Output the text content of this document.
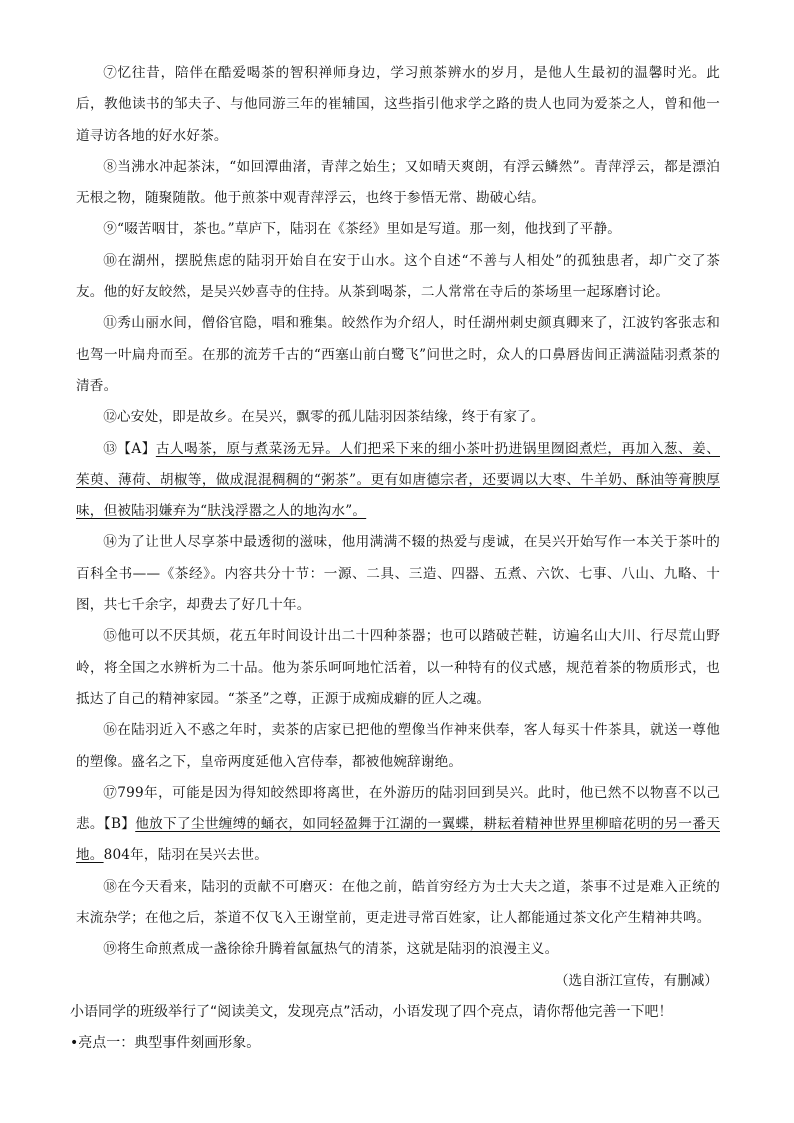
⑦忆往昔，陪伴在酷爱喝茶的智积禅师身边，学习煎茶辨水的岁月，是他人生最初的温馨时光。此后，教他读书的邹夫子、与他同游三年的崔辅国，这些指引他求学之路的贵人也同为爱茶之人，曾和他一道寻访各地的好水好茶。

⑧当沸水冲起茶沫，“如回潭曲渚，青萍之始生；又如晴天爽朗，有浮云鳞然”。青萍浮云，都是漂泊无根之物，随聚随散。他于煎茶中观青萍浮云，也终于参悟无常、勘破心结。

⑨“啜苦咽甘，茶也。”草庐下，陆羽在《茶经》里如是写道。那一刻，他找到了平静。

⑩在湖州，摆脱焦虑的陆羽开始自在安于山水。这个自述“不善与人相处”的孤独患者，却广交了茶友。他的好友皎然，是吴兴妙喜寺的住持。从茶到喝茶，二人常常在寺后的茶场里一起琢磨讨论。

⑪秀山丽水间，僧俗官隐，唱和雅集。皎然作为介绍人，时任湖州刺史颜真卿来了，江波钓客张志和也驾一叶扁舟而至。在那的流芳千古的“西塞山前白鹭飞”问世之时，众人的口鼻唇齿间正满溢陆羽煮茶的清香。

⑫心安处，即是故乡。在吴兴，飘零的孤儿陆羽因茶结缘，终于有家了。

⑬【A】古人喝茶，原与煮菜汤无异。人们把采下来的细小茶叶扔进锅里囫囵煮烂，再加入葱、姜、茱萸、薄荷、胡椒等，做成混混稠稠的“粥茶”。更有如唐德宗者，还要调以大枣、牛羊奶、酥油等膏腴厚味，但被陆羽嫌弃为“肤浅浮嚣之人的地沟水”。

⑭为了让世人尽享茶中最透彻的滋味，他用满满不辍的热爱与虔诚，在吴兴开始写作一本关于茶叶的百科全书——《茶经》。内容共分十节：一源、二具、三造、四器、五煮、六饮、七事、八山、九略、十图，共七千余字，却费去了好几十年。

⑮他可以不厌其烦，花五年时间设计出二十四种茶器；也可以踏破芒鞋，访遍名山大川、行尽荒山野岭，将全国之水辨析为二十品。他为茶乐呵呵地忙活着，以一种特有的仪式感，规范着茶的物质形式，也抵达了自己的精神家园。“茶圣”之尊，正源于成痴成癖的匠人之魂。

⑯在陆羽近入不惑之年时，卖茶的店家已把他的塑像当作神来供奉，客人每买十件茶具，就送一尊他的塑像。盛名之下，皇帝两度延他入宫侍奉，都被他婉辞谢绝。

⑰799年，可能是因为得知皎然即将离世，在外游历的陆羽回到吴兴。此时，他已然不以物喜不以己悲。【B】他放下了尘世缠缚的蛹衣，如同轻盈舞于江湖的一翼蝶，耕耘着精神世界里柳暗花明的另一番天地。804年，陆羽在吴兴去世。

⑱在今天看来，陆羽的贡献不可磨灭：在他之前，皓首穷经方为士大夫之道，茶事不过是难入正统的末流杂学；在他之后，茶道不仅飞入王谢堂前，更走进寻常百姓家，让人都能通过茶文化产生精神共鸣。

⑲将生命煎煮成一盏徐徐升腾着氤氲热气的清茶，这就是陆羽的浪漫主义。

（选自浙江宣传，有删减）

小语同学的班级举行了“阅读美文，发现亮点”活动，小语发现了四个亮点，请你帮他完善一下吧！

•亮点一：典型事件刻画形象。
